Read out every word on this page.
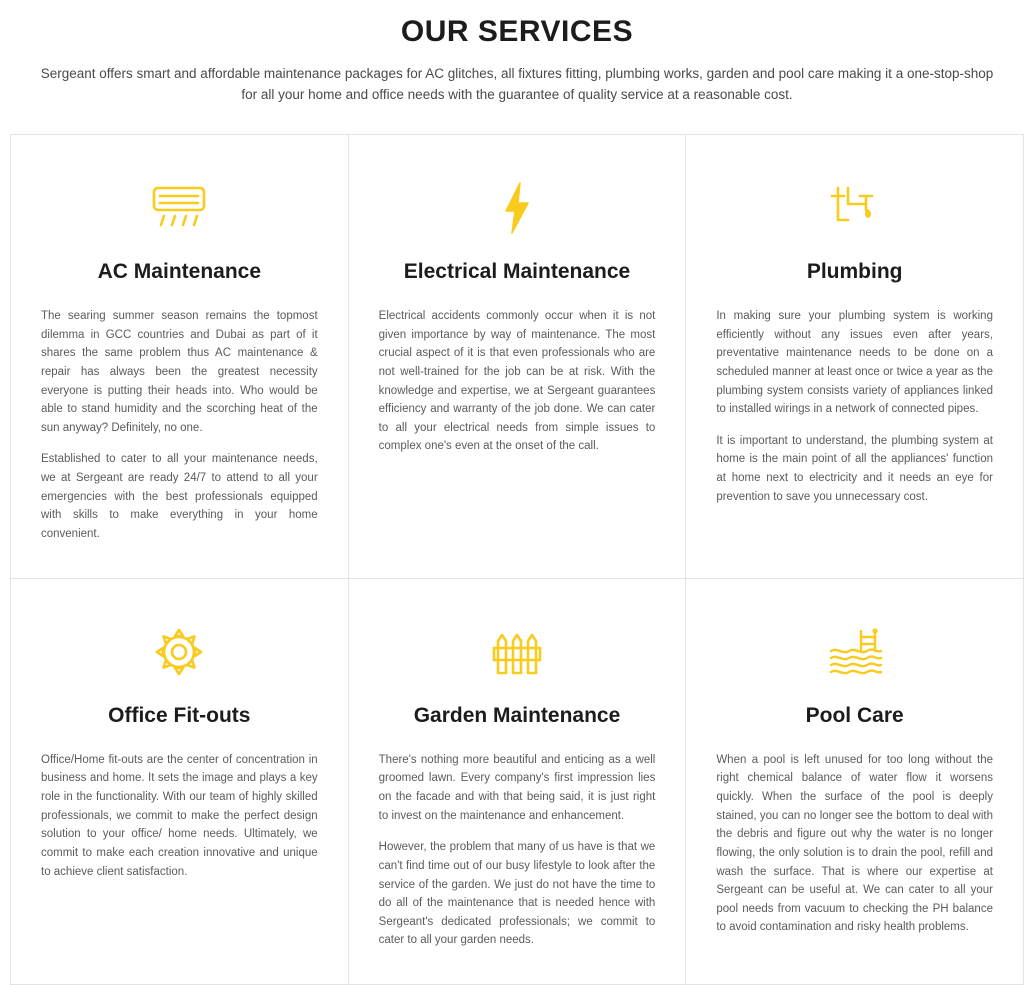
OUR SERVICES

Sergeant offers smart and affordable maintenance packages for AC glitches, all fixtures fitting, plumbing works, garden and pool care making it a one-stop-shop for all your home and office needs with the guarantee of quality service at a reasonable cost.

AC Maintenance

The searing summer season remains the topmost dilemma in GCC countries and Dubai as part of it shares the same problem thus AC maintenance & repair has always been the greatest necessity everyone is putting their heads into. Who would be able to stand humidity and the scorching heat of the sun anyway? Definitely, no one.

Established to cater to all your maintenance needs, we at Sergeant are ready 24/7 to attend to all your emergencies with the best professionals equipped with skills to make everything in your home convenient.

Electrical Maintenance

Electrical accidents commonly occur when it is not given importance by way of maintenance. The most crucial aspect of it is that even professionals who are not well-trained for the job can be at risk. With the knowledge and expertise, we at Sergeant guarantees efficiency and warranty of the job done. We can cater to all your electrical needs from simple issues to complex one's even at the onset of the call.

Plumbing

In making sure your plumbing system is working efficiently without any issues even after years, preventative maintenance needs to be done on a scheduled manner at least once or twice a year as the plumbing system consists variety of appliances linked to installed wirings in a network of connected pipes.

It is important to understand, the plumbing system at home is the main point of all the appliances' function at home next to electricity and it needs an eye for prevention to save you unnecessary cost.

Office Fit-outs

Office/Home fit-outs are the center of concentration in business and home. It sets the image and plays a key role in the functionality. With our team of highly skilled professionals, we commit to make the perfect design solution to your office/ home needs. Ultimately, we commit to make each creation innovative and unique to achieve client satisfaction.

Garden Maintenance

There's nothing more beautiful and enticing as a well groomed lawn. Every company's first impression lies on the facade and with that being said, it is just right to invest on the maintenance and enhancement.

However, the problem that many of us have is that we can't find time out of our busy lifestyle to look after the service of the garden. We just do not have the time to do all of the maintenance that is needed hence with Sergeant's dedicated professionals; we commit to cater to all your garden needs.

Pool Care

When a pool is left unused for too long without the right chemical balance of water flow it worsens quickly. When the surface of the pool is deeply stained, you can no longer see the bottom to deal with the debris and figure out why the water is no longer flowing, the only solution is to drain the pool, refill and wash the surface. That is where our expertise at Sergeant can be useful at. We can cater to all your pool needs from vacuum to checking the PH balance to avoid contamination and risky health problems.
